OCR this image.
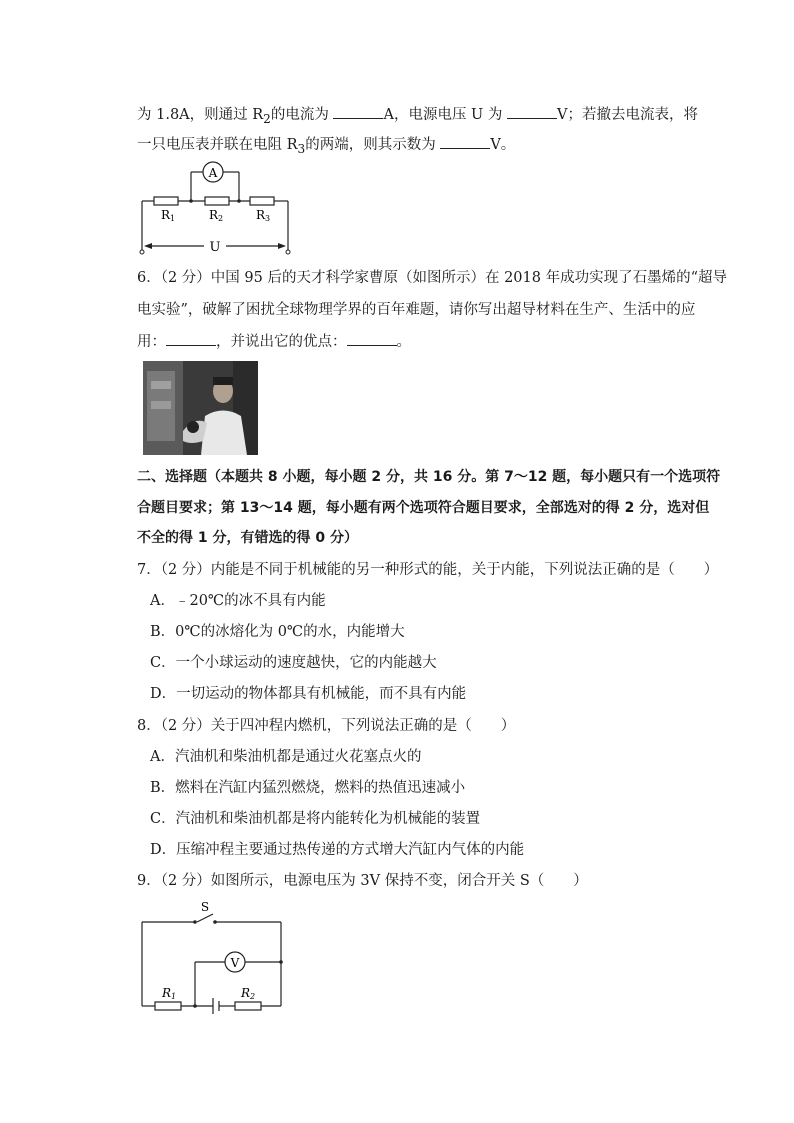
为 1.8A，则通过 $R_2$的电流为	A，电源电压 U 为	V；若撤去电流表，将
一只电压表并联在电阻 $R_3$的两端，则其示数为	V。
A
R1	R2	R3
U
6．（2 分）中国 95 后的天才科学家曹原（如图所示）在 2018 年成功实现了石墨烯的“超导
电实验”，破解了困扰全球物理学界的百年难题，请你写出超导材料在生产、生活中的应
用：	，并说出它的优点：	。
二、选择题（本题共 8 小题，每小题 2 分，共 16 分。第 7～12 题，每小题只有一个选项符
合题目要求；第 13～14 题，每小题有两个选项符合题目要求，全部选对的得 2 分，选对但
不全的得 1 分，有错选的得 0 分）
7．（2 分）内能是不同于机械能的另一种形式的能，关于内能，下列说法正确的是（　　）
A．﹣20℃的冰不具有内能
B．0℃的冰熔化为 0℃的水，内能增大
C．一个小球运动的速度越快，它的内能越大
D．一切运动的物体都具有机械能，而不具有内能
8．（2 分）关于四冲程内燃机，下列说法正确的是（　　）
A．汽油机和柴油机都是通过火花塞点火的
B．燃料在汽缸内猛烈燃烧，燃料的热值迅速减小
C．汽油机和柴油机都是将内能转化为机械能的装置
D．压缩冲程主要通过热传递的方式增大汽缸内气体的内能
9．（2 分）如图所示，电源电压为 3V 保持不变，闭合开关 S（　　）
S
V
R1	R2
